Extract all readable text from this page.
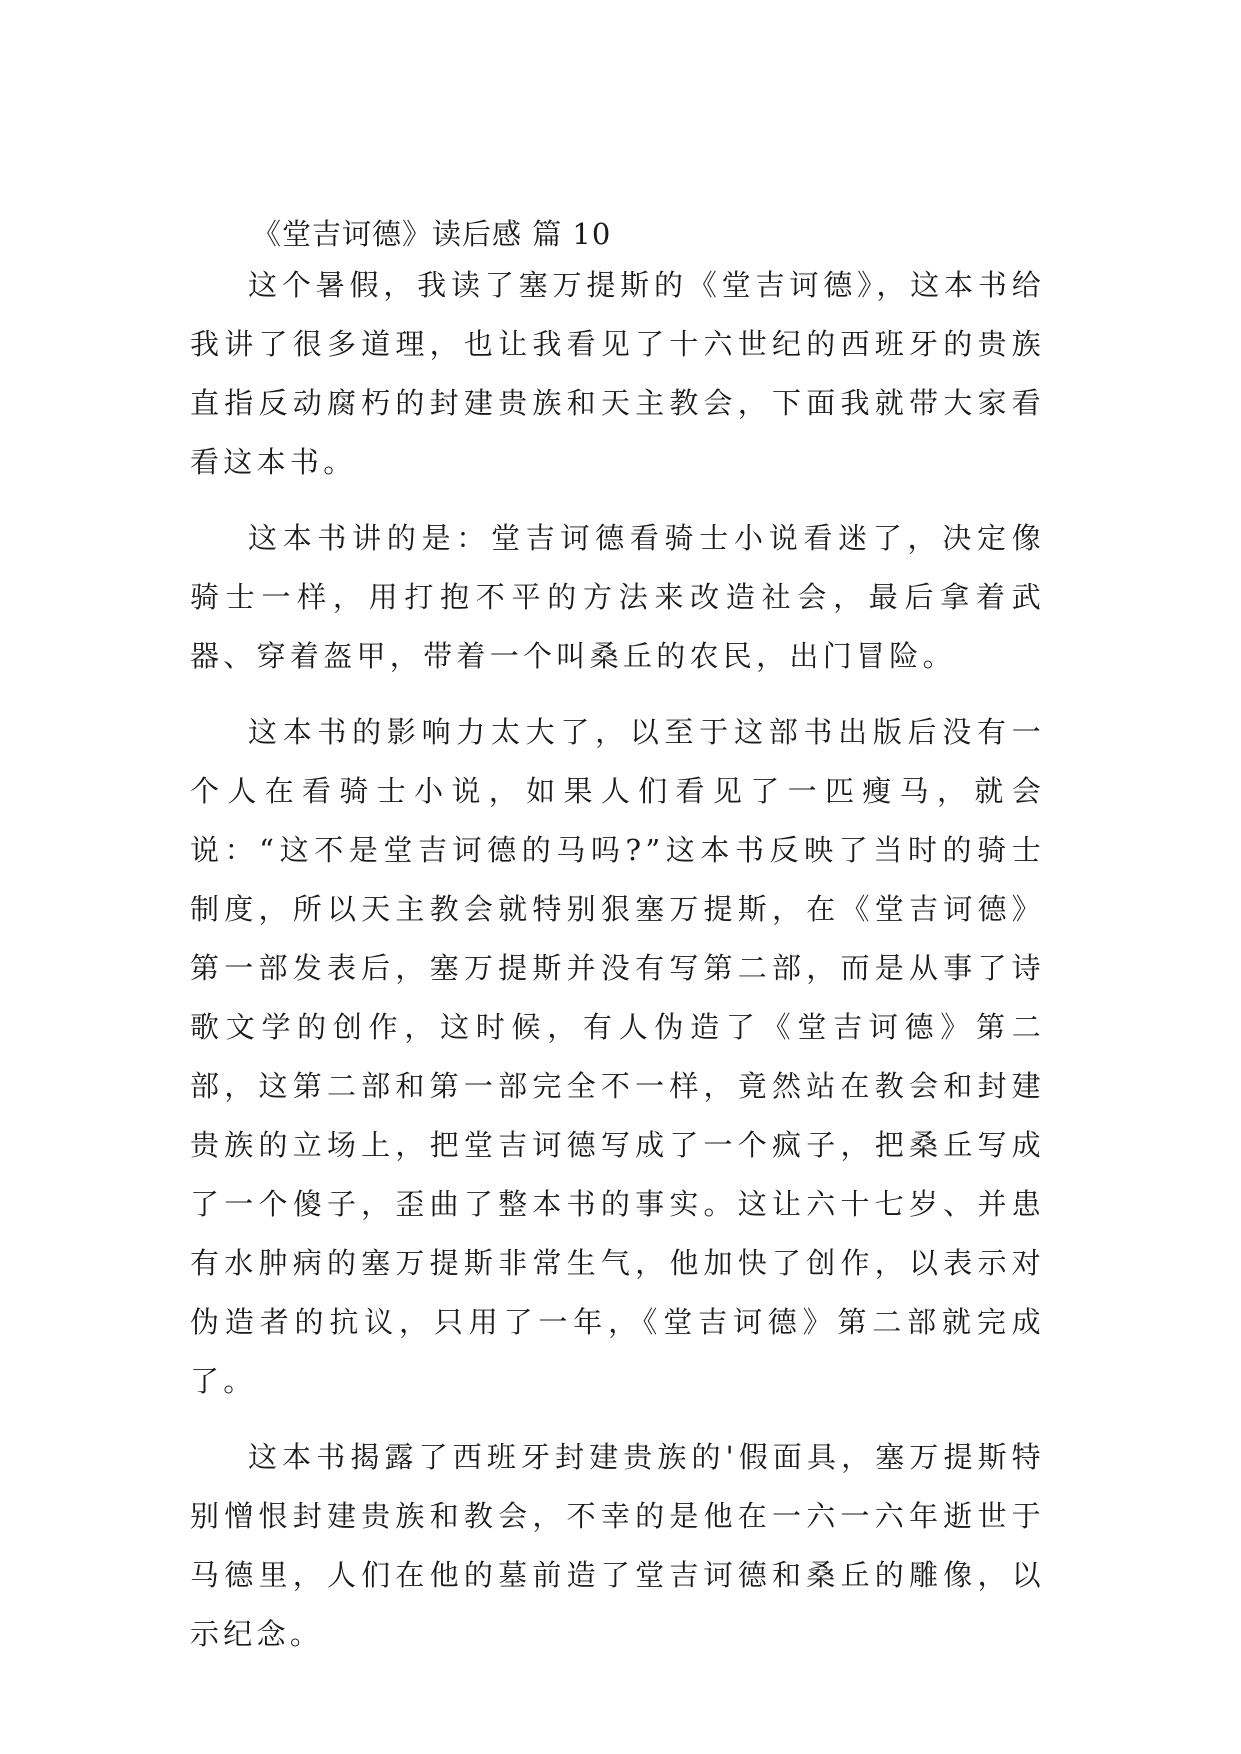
《堂吉诃德》读后感 篇 10

这个暑假，我读了塞万提斯的《堂吉诃德》，这本书给我讲了很多道理，也让我看见了十六世纪的西班牙的贵族直指反动腐朽的封建贵族和天主教会，下面我就带大家看看这本书。

这本书讲的是：堂吉诃德看骑士小说看迷了，决定像骑士一样，用打抱不平的方法来改造社会，最后拿着武器、穿着盔甲，带着一个叫桑丘的农民，出门冒险。

这本书的影响力太大了，以至于这部书出版后没有一个人在看骑士小说，如果人们看见了一匹瘦马，就会说：“这不是堂吉诃德的马吗?”这本书反映了当时的骑士制度，所以天主教会就特别狠塞万提斯，在《堂吉诃德》第一部发表后，塞万提斯并没有写第二部，而是从事了诗歌文学的创作，这时候，有人伪造了《堂吉诃德》第二部，这第二部和第一部完全不一样，竟然站在教会和封建贵族的立场上，把堂吉诃德写成了一个疯子，把桑丘写成了一个傻子，歪曲了整本书的事实。这让六十七岁、并患有水肿病的塞万提斯非常生气，他加快了创作，以表示对伪造者的抗议，只用了一年，《堂吉诃德》第二部就完成了。

这本书揭露了西班牙封建贵族的'假面具，塞万提斯特别憎恨封建贵族和教会，不幸的是他在一六一六年逝世于马德里，人们在他的墓前造了堂吉诃德和桑丘的雕像，以示纪念。
